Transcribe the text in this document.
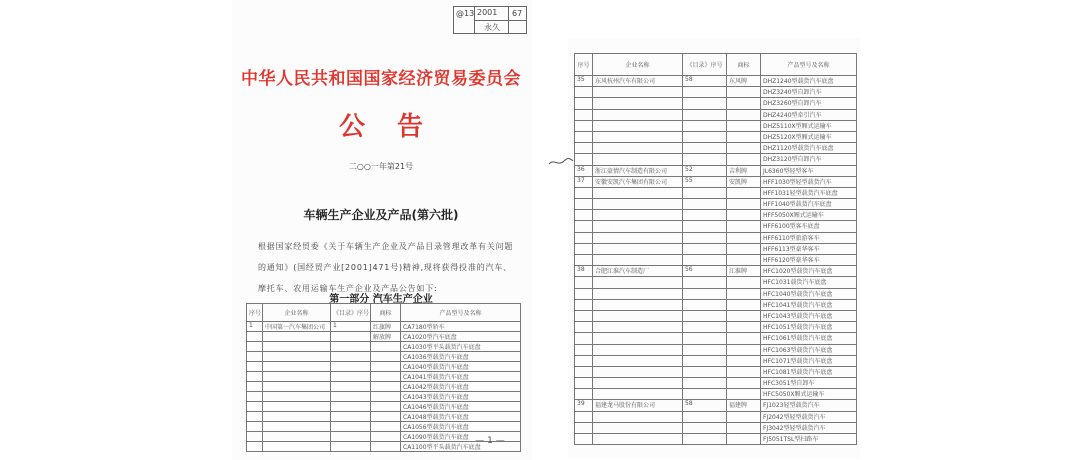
@13 2001 67
永久
中华人民共和国国家经济贸易委员会
公告
二○○一年第21号
车辆生产企业及产品(第六批)
根据国家经贸委《关于车辆生产企业及产品目录管理改革有关问题的通知》(国经贸产业[2001]471号)精神,现将获得投准的汽车、摩托车、农用运输车生产企业及产品公告如下:
第一部分 汽车生产企业
序号	企业名称	《目录》序号	商标	产品型号及名称
1	中国第一汽车集团公司	1	红旗牌	CA7180型轿车
			解放牌	CA1020型汽车底盘
				CA1030型平头载货汽车底盘
				CA1036型载货汽车底盘
				CA1040型载货汽车底盘
				CA1041型载货汽车底盘
				CA1042型载货汽车底盘
				CA1043型载货汽车底盘
				CA1046型载货汽车底盘
				CA1048型载货汽车底盘
				CA1056型载货汽车底盘
				CA1090型载货汽车底盘
				CA1100型平头载货汽车底盘
— 1 —
序号	企业名称	《目录》序号	商标	产品型号及名称
35	东风杭州汽车有限公司	58	东风牌	DHZ1240型载货汽车底盘
				DHZ3240型自卸汽车
				DHZ3260型自卸汽车
				DHZ4240型牵引汽车
				DHZ5110X型厢式运输车
				DHZ5120X型厢式运输车
				DHZ1120型载货汽车底盘
				DHZ3120型自卸汽车
36	浙江豪情汽车制造有限公司	52	吉利牌	JL6360型轻型客车
37	安徽安凯汽车集团有限公司	55	安凯牌	HFF1030型轻型载货汽车
				HFF1031轻型载货汽车底盘
				HFF1040型载货汽车底盘
				HFF5050X厢式运输车
				HFF6100型客车底盘
				HFF6110型旅游客车
				HFF6113型豪华客车
				HFF6120型豪华客车
38	合肥江淮汽车制造厂	56	江淮牌	HFC1020型载货汽车底盘
				HFC1031载货汽车底盘
				HFC1040型载货汽车底盘
				HFC1041型载货汽车底盘
				HFC1043型载货汽车底盘
				HFC1051型载货汽车底盘
				HFC1061型载货汽车底盘
				HFC1063型载货汽车底盘
				HFC1071型载货汽车底盘
				HFC1081型载货汽车底盘
				HFC3051型自卸车
				HFC5050X厢式运输车
39	福建龙马股份有限公司	58	福建牌	FJ1023轻型载货汽车
				FJ2042型轻型载货汽车
				FJ3042型轻型载货汽车
				FJ5051TSL型扫路车
